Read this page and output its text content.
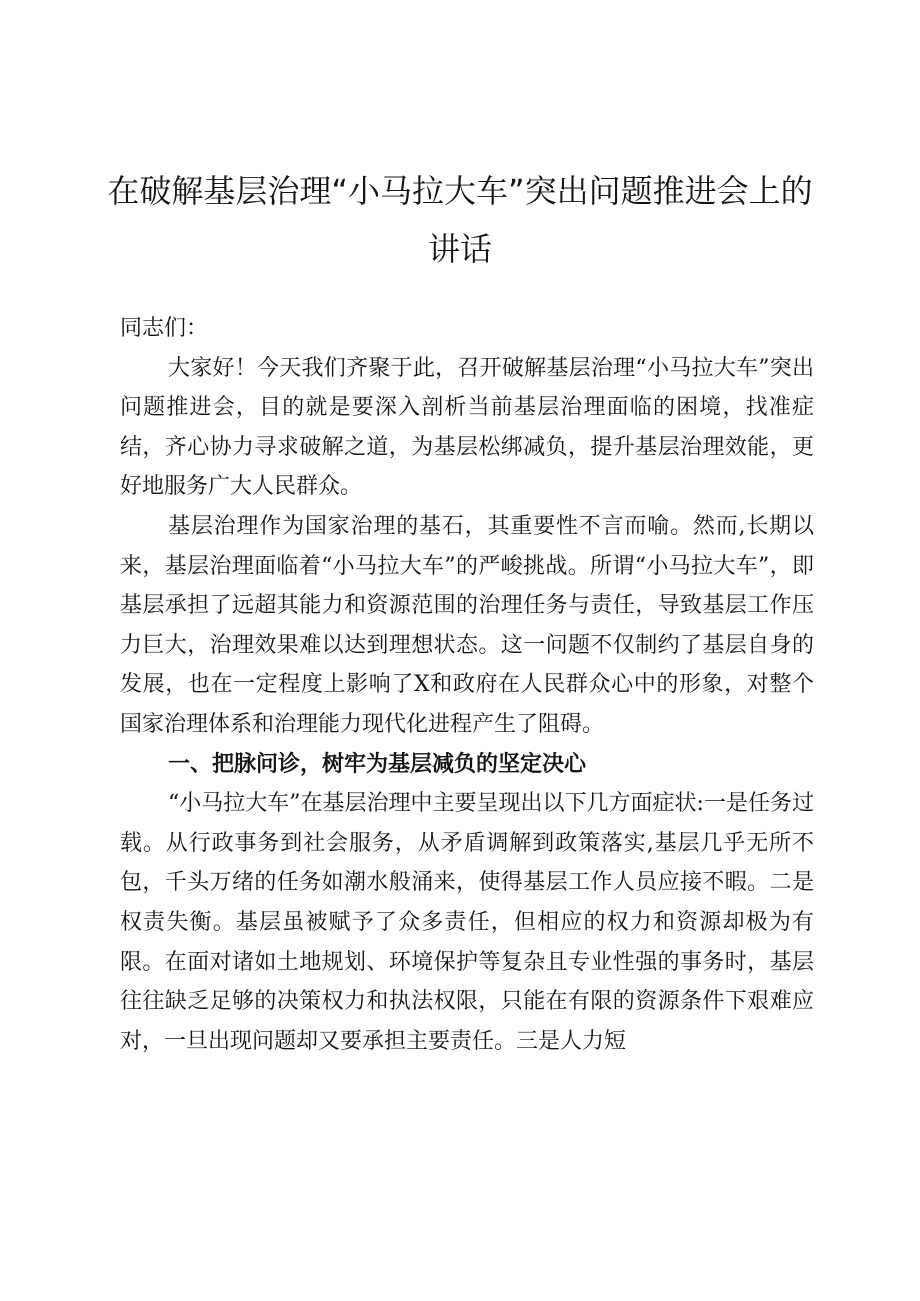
在破解基层治理“小马拉大车”突出问题推进会上的讲话

同志们：

大家好！今天我们齐聚于此，召开破解基层治理“小马拉大车”突出问题推进会，目的就是要深入剖析当前基层治理面临的困境，找准症结，齐心协力寻求破解之道，为基层松绑减负，提升基层治理效能，更好地服务广大人民群众。

基层治理作为国家治理的基石，其重要性不言而喻。然而,长期以来，基层治理面临着“小马拉大车”的严峻挑战。所谓“小马拉大车”，即基层承担了远超其能力和资源范围的治理任务与责任，导致基层工作压力巨大，治理效果难以达到理想状态。这一问题不仅制约了基层自身的发展，也在一定程度上影响了X和政府在人民群众心中的形象，对整个国家治理体系和治理能力现代化进程产生了阻碍。

一、把脉问诊，树牢为基层减负的坚定决心

“小马拉大车”在基层治理中主要呈现出以下几方面症状:一是任务过载。从行政事务到社会服务，从矛盾调解到政策落实,基层几乎无所不包，千头万绪的任务如潮水般涌来，使得基层工作人员应接不暇。二是权责失衡。基层虽被赋予了众多责任，但相应的权力和资源却极为有限。在面对诸如土地规划、环境保护等复杂且专业性强的事务时，基层往往缺乏足够的决策权力和执法权限，只能在有限的资源条件下艰难应对，一旦出现问题却又要承担主要责任。三是人力短
